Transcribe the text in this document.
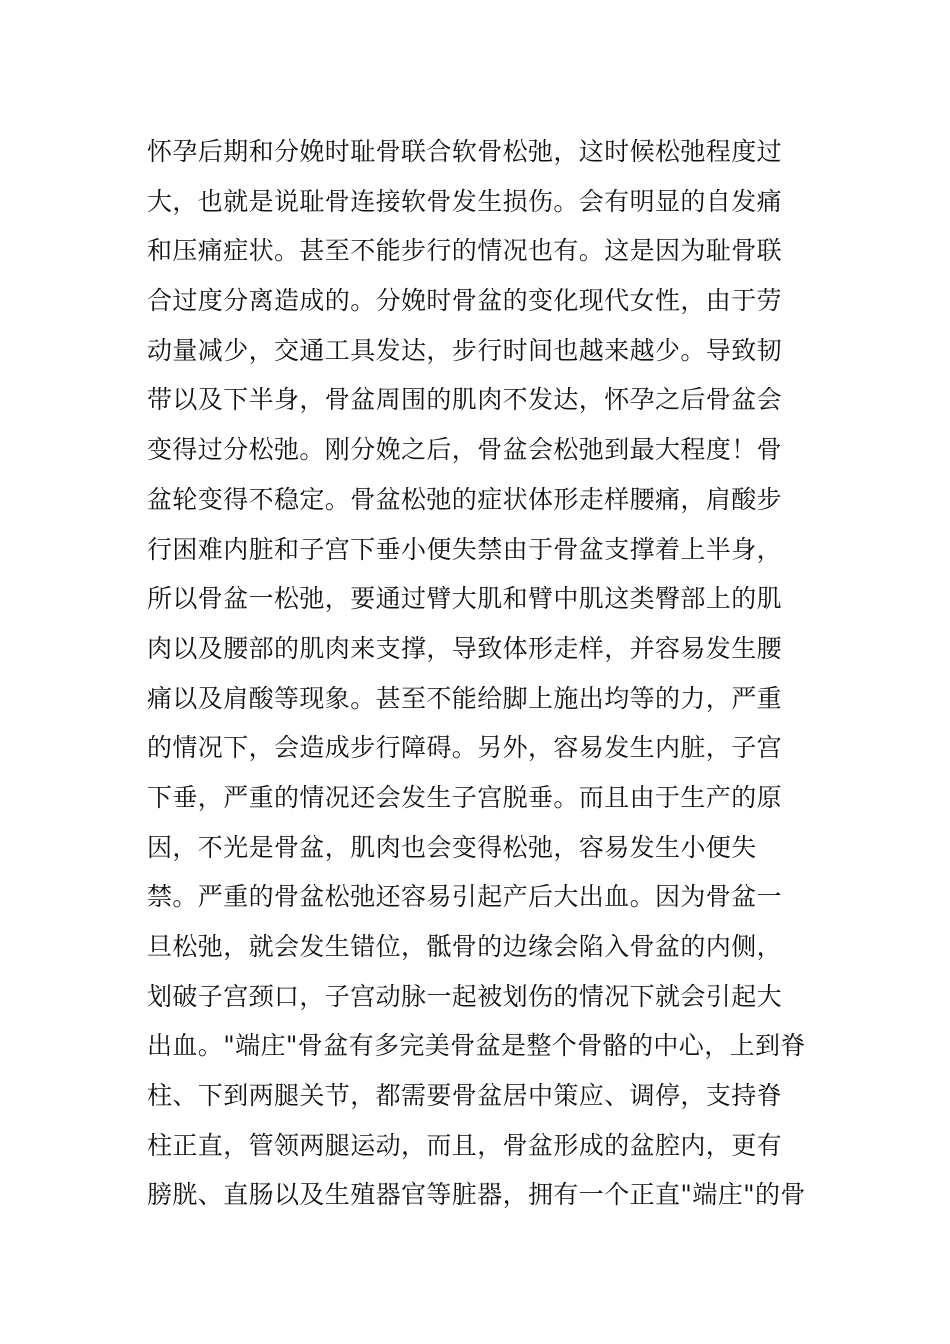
怀孕后期和分娩时耻骨联合软骨松弛，这时候松弛程度过
大，也就是说耻骨连接软骨发生损伤。会有明显的自发痛
和压痛症状。甚至不能步行的情况也有。这是因为耻骨联
合过度分离造成的。分娩时骨盆的变化现代女性，由于劳
动量减少，交通工具发达，步行时间也越来越少。导致韧
带以及下半身，骨盆周围的肌肉不发达，怀孕之后骨盆会
变得过分松弛。刚分娩之后，骨盆会松弛到最大程度！骨
盆轮变得不稳定。骨盆松弛的症状体形走样腰痛，肩酸步
行困难内脏和子宫下垂小便失禁由于骨盆支撑着上半身，
所以骨盆一松弛，要通过臂大肌和臂中肌这类臀部上的肌
肉以及腰部的肌肉来支撑，导致体形走样，并容易发生腰
痛以及肩酸等现象。甚至不能给脚上施出均等的力，严重
的情况下，会造成步行障碍。另外，容易发生内脏，子宫
下垂，严重的情况还会发生子宫脱垂。而且由于生产的原
因，不光是骨盆，肌肉也会变得松弛，容易发生小便失
禁。严重的骨盆松弛还容易引起产后大出血。因为骨盆一
旦松弛，就会发生错位，骶骨的边缘会陷入骨盆的内侧，
划破子宫颈口，子宫动脉一起被划伤的情况下就会引起大
出血。"端庄"骨盆有多完美骨盆是整个骨骼的中心，上到脊
柱、下到两腿关节，都需要骨盆居中策应、调停，支持脊
柱正直，管领两腿运动，而且，骨盆形成的盆腔内，更有
膀胱、直肠以及生殖器官等脏器，拥有一个正直"端庄"的骨
